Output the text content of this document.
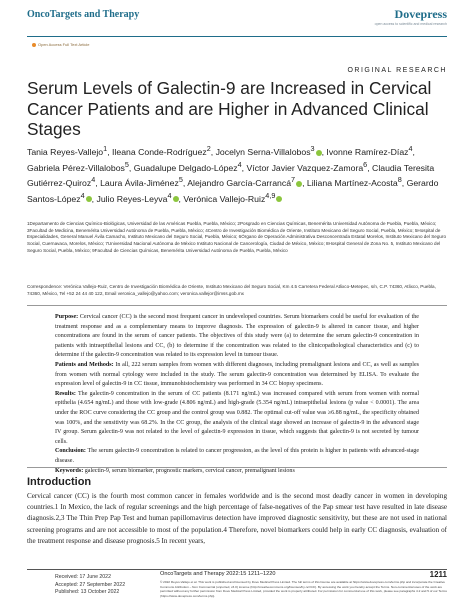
OncoTargets and Therapy	Dovepress
open access to scientific and medical research
Open Access Full Text Article
ORIGINAL RESEARCH
Serum Levels of Galectin-9 are Increased in Cervical Cancer Patients and are Higher in Advanced Clinical Stages
Tania Reyes-Vallejo$^1$, Ileana Conde-Rodríguez$^2$, Jocelyn Serna-Villalobos$^3$ , Ivonne Ramírez-Díaz$^4$, Gabriela Pérez-Villalobos$^5$, Guadalupe Delgado-López$^4$, Víctor Javier Vazquez-Zamora$^6$, Claudia Teresita Gutiérrez-Quiroz$^4$, Laura Ávila-Jiménez$^5$, Alejandro García-Carrancá$^7$ , Liliana Martínez-Acosta$^8$, Gerardo Santos-López$^4$ , Julio Reyes-Leyva$^4$ , Verónica Vallejo-Ruiz$^{4,9}$
1Departamento de Ciencias Químico-Biológicas, Universidad de las Américas Puebla, Puebla, México; 2Posgrado en Ciencias Químicas, Benemérita Universidad Autónoma de Puebla, Puebla, México; 3Facultad de Medicina, Benemérita Universidad Autónoma de Puebla, Puebla, México; 4Centro de Investigación Biomédica de Oriente, Instituto Mexicano del Seguro Social, Puebla, México; 5Hospital de Especialidades, General Manuel Ávila Camacho, Instituto Mexicano del Seguro Social, Puebla, México; 6Órgano de Operación Administrativa Desconcentrada Estatal Morelos, Instituto Mexicano del Seguro Social, Cuernavaca, Morelos, México; 7Universidad Nacional Autónoma de México Instituto Nacional de Cancerología, Ciudad de México, México; 8Hospital General de Zona No. 5, Instituto Mexicano del Seguro Social, Puebla, México; 9Facultad de Ciencias Químicas, Benemérita Universidad Autónoma de Puebla, Puebla, México
Correspondence: Verónica Vallejo-Ruiz, Centro de Investigación Biomédica de Oriente, Instituto Mexicano del Seguro Social, Km 4.5 Carretera Federal Atlixco-Metepec, s/n, C.P. 74360, Atlixco, Puebla, 74360, México, Tel +52 24 44 40 122, Email veronica_vallejo@yahoo.com; veronica.vallejor@imss.gob.mx

Purpose: Cervical cancer (CC) is the second most frequent cancer in undeveloped countries. Serum biomarkers could be useful for evaluation of the treatment response and as a complementary means to improve diagnosis. The expression of galectin-9 is altered in cancer tissue, and higher concentrations are found in the serum of cancer patients. The objectives of this study were (a) to determine the serum galectin-9 concentration in patients with intraepithelial lesions and CC, (b) to determine if the concentration was related to the clinicopathological characteristics and (c) to determine if the galectin-9 concentration was related to its expression level in tumour tissue.

Patients and Methods: In all, 222 serum samples from women with different diagnoses, including premalignant lesions and CC, as well as samples from women with normal cytology were included in the study. The serum galectin-9 concentration was determined by ELISA. To evaluate the expression level of galectin-9 in CC tissue, immunohistochemistry was performed in 34 CC biopsy specimens.

Results: The galectin-9 concentration in the serum of CC patients (8.171 ng/mL) was increased compared with serum from women with normal epithelia (4.654 ng/mL) and those with low-grade (4.806 ng/mL) and high-grade (5.354 ng/mL) intraepithelial lesions (p value < 0.0001). The area under the ROC curve considering the CC group and the control group was 0.882. The optimal cut-off value was ≥6.88 ng/mL, the specificity obtained was 100%, and the sensitivity was 68.2%. In the CC group, the analysis of the clinical stage showed an increase of galectin-9 in the advanced stage IV group. Serum galectin-9 was not related to the level of galectin-9 expression in tissue, which suggests that galectin-9 is not secreted by tumour cells.

Conclusion: The serum galectin-9 concentration is related to cancer progression, as the level of this protein is higher in patients with advanced-stage disease.

Keywords: galectin-9, serum biomarker, prognostic markers, cervical cancer, premalignant lesions

Introduction

Cervical cancer (CC) is the fourth most common cancer in females worldwide and is the second most deadly cancer in women in developing countries.1 In Mexico, the lack of regular screenings and the high percentage of false-negatives of the Pap smear test have resulted in late disease diagnosis.2,3 The Thin Prep Pap Test and human papillomavirus detection have improved diagnostic sensitivity, but these are not used in national screening programs and are not accessible to most of the population.4 Therefore, novel biomarkers could help in early CC diagnosis, evaluation of the treatment response and disease prognosis.5 In recent years,

Received: 17 June 2022
Accepted: 27 September 2022
Published: 13 October 2022
OncoTargets and Therapy 2022:15 1211–1220	1211
© 2022 Reyes-Vallejo et al. This work is published and licensed by Dove Medical Press Limited. The full terms of this license are available at https://www.dovepress.com/terms.php and incorporate the Creative Commons Attribution – Non Commercial (unported, v3.0) License (http://creativecommons.org/licenses/by-nc/3.0/). By accessing the work you hereby accept the Terms. Non-commercial uses of the work are permitted without any further permission from Dove Medical Press Limited, provided the work is properly attributed. For permission for commercial use of this work, please see paragraphs 4.2 and 5 of our Terms (https://www.dovepress.com/terms.php).
